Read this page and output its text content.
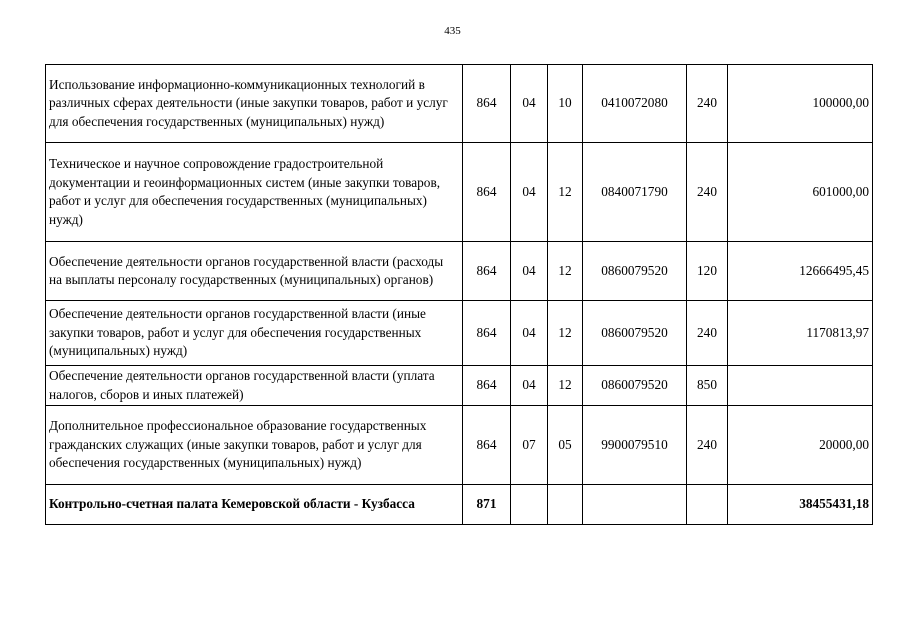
435
Использование информационно-коммуникационных технологий в различных сферах деятельности (иные закупки товаров, работ и услуг для обеспечения государственных (муниципальных) нужд)	864	04	10	0410072080	240	100000,00
Техническое и научное сопровождение градостроительной документации и геоинформационных систем (иные закупки товаров, работ и услуг для обеспечения государственных (муниципальных) нужд)	864	04	12	0840071790	240	601000,00
Обеспечение деятельности органов государственной власти (расходы на выплаты персоналу государственных (муниципальных) органов)	864	04	12	0860079520	120	12666495,45
Обеспечение деятельности органов государственной власти (иные закупки товаров, работ и услуг для обеспечения государственных (муниципальных) нужд)	864	04	12	0860079520	240	1170813,97
Обеспечение деятельности органов государственной власти (уплата налогов, сборов и иных платежей)	864	04	12	0860079520	850	
Дополнительное профессиональное образование государственных гражданских служащих (иные закупки товаров, работ и услуг для обеспечения государственных (муниципальных) нужд)	864	07	05	9900079510	240	20000,00
Контрольно-счетная палата Кемеровской области - Кузбасса	871					38455431,18
